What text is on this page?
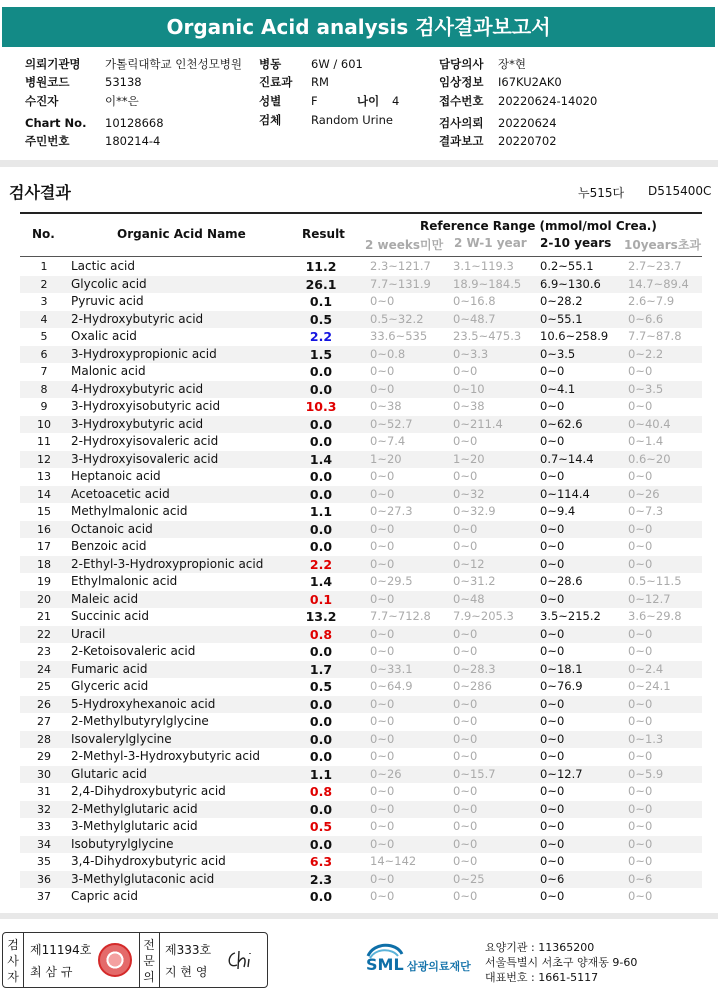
Organic Acid analysis 검사결과보고서
의뢰기관명 가톨릭대학교 인천성모병원
병원코드	53138
수진자	이**은
Chart No. 10128668
주민번호	180214-4
병동	6W / 601
진료과 RM
성별	F	나이 4
검체	Random Urine
담당의사 장*현
임상정보 I67KU2AK0
접수번호 20220624-14020
검사의뢰 20220624
결과보고 20220702
검사결과	누515다 D515400C
No.	Organic Acid Name	Result
Reference Range (mmol/mol Crea.)
2 weeks미만 2 W-1 year 2-10 years 10years초과
1	Lactic acid	11.2	2.3~121.7 3.1~119.3 0.2~55.1	2.7~23.7
2	Glycolic acid	26.1	7.7~131.9 18.9~184.5 6.9~130.6 14.7~89.4
3	Pyruvic acid	0.1	0~0	0~16.8	0~28.2	2.6~7.9
4	2-Hydroxybutyric acid	0.5	0.5~32.2	0~48.7	0~55.1	0~6.6
5	Oxalic acid	2.2	33.6~535 23.5~475.3 10.6~258.9 7.7~87.8
6	3-Hydroxypropionic acid	1.5	0~0.8	0~3.3	0~3.5	0~2.2
7	Malonic acid	0.0	0~0	0~0	0~0	0~0
8	4-Hydroxybutyric acid	0.0	0~0	0~10	0~4.1	0~3.5
9	3-Hydroxyisobutyric acid	10.3	0~38	0~38	0~0	0~0
10	3-Hydroxybutyric acid	0.0	0~52.7	0~211.4	0~62.6	0~40.4
11	2-Hydroxyisovaleric acid	0.0	0~7.4	0~0	0~0	0~1.4
12	3-Hydroxyisovaleric acid	1.4	1~20	1~20	0.7~14.4	0.6~20
13	Heptanoic acid	0.0	0~0	0~0	0~0	0~0
14	Acetoacetic acid	0.0	0~0	0~32	0~114.4	0~26
15	Methylmalonic acid	1.1	0~27.3	0~32.9	0~9.4	0~7.3
16	Octanoic acid	0.0	0~0	0~0	0~0	0~0
17	Benzoic acid	0.0	0~0	0~0	0~0	0~0
18	2-Ethyl-3-Hydroxypropionic acid	2.2	0~0	0~12	0~0	0~0
19	Ethylmalonic acid	1.4	0~29.5	0~31.2	0~28.6	0.5~11.5
20	Maleic acid	0.1	0~0	0~48	0~0	0~12.7
21	Succinic acid	13.2	7.7~712.8 7.9~205.3 3.5~215.2 3.6~29.8
22	Uracil	0.8	0~0	0~0	0~0	0~0
23	2-Ketoisovaleric acid	0.0	0~0	0~0	0~0	0~0
24	Fumaric acid	1.7	0~33.1	0~28.3	0~18.1	0~2.4
25	Glyceric acid	0.5	0~64.9	0~286	0~76.9	0~24.1
26	5-Hydroxyhexanoic acid	0.0	0~0	0~0	0~0	0~0
27	2-Methylbutyrylglycine	0.0	0~0	0~0	0~0	0~0
28	Isovalerylglycine	0.0	0~0	0~0	0~0	0~1.3
29	2-Methyl-3-Hydroxybutyric acid	0.0	0~0	0~0	0~0	0~0
30	Glutaric acid	1.1	0~26	0~15.7	0~12.7	0~5.9
31	2,4-Dihydroxybutyric acid	0.8	0~0	0~0	0~0	0~0
32	2-Methylglutaric acid	0.0	0~0	0~0	0~0	0~0
33	3-Methylglutaric acid	0.5	0~0	0~0	0~0	0~0
34	Isobutyrylglycine	0.0	0~0	0~0	0~0	0~0
35	3,4-Dihydroxybutyric acid	6.3	14~142	0~0	0~0	0~0
36	3-Methylglutaconic acid	2.3	0~0	0~25	0~6	0~6
37	Capric acid	0.0	0~0	0~0	0~0	0~0
검
사
자
제11194호
최 삼 규
전
문
의
제333호
지 현 영	SML 삼광의료재단
요양기관 : 11365200
서울특별시 서초구 양재동 9-60
대표번호 : 1661-5117
